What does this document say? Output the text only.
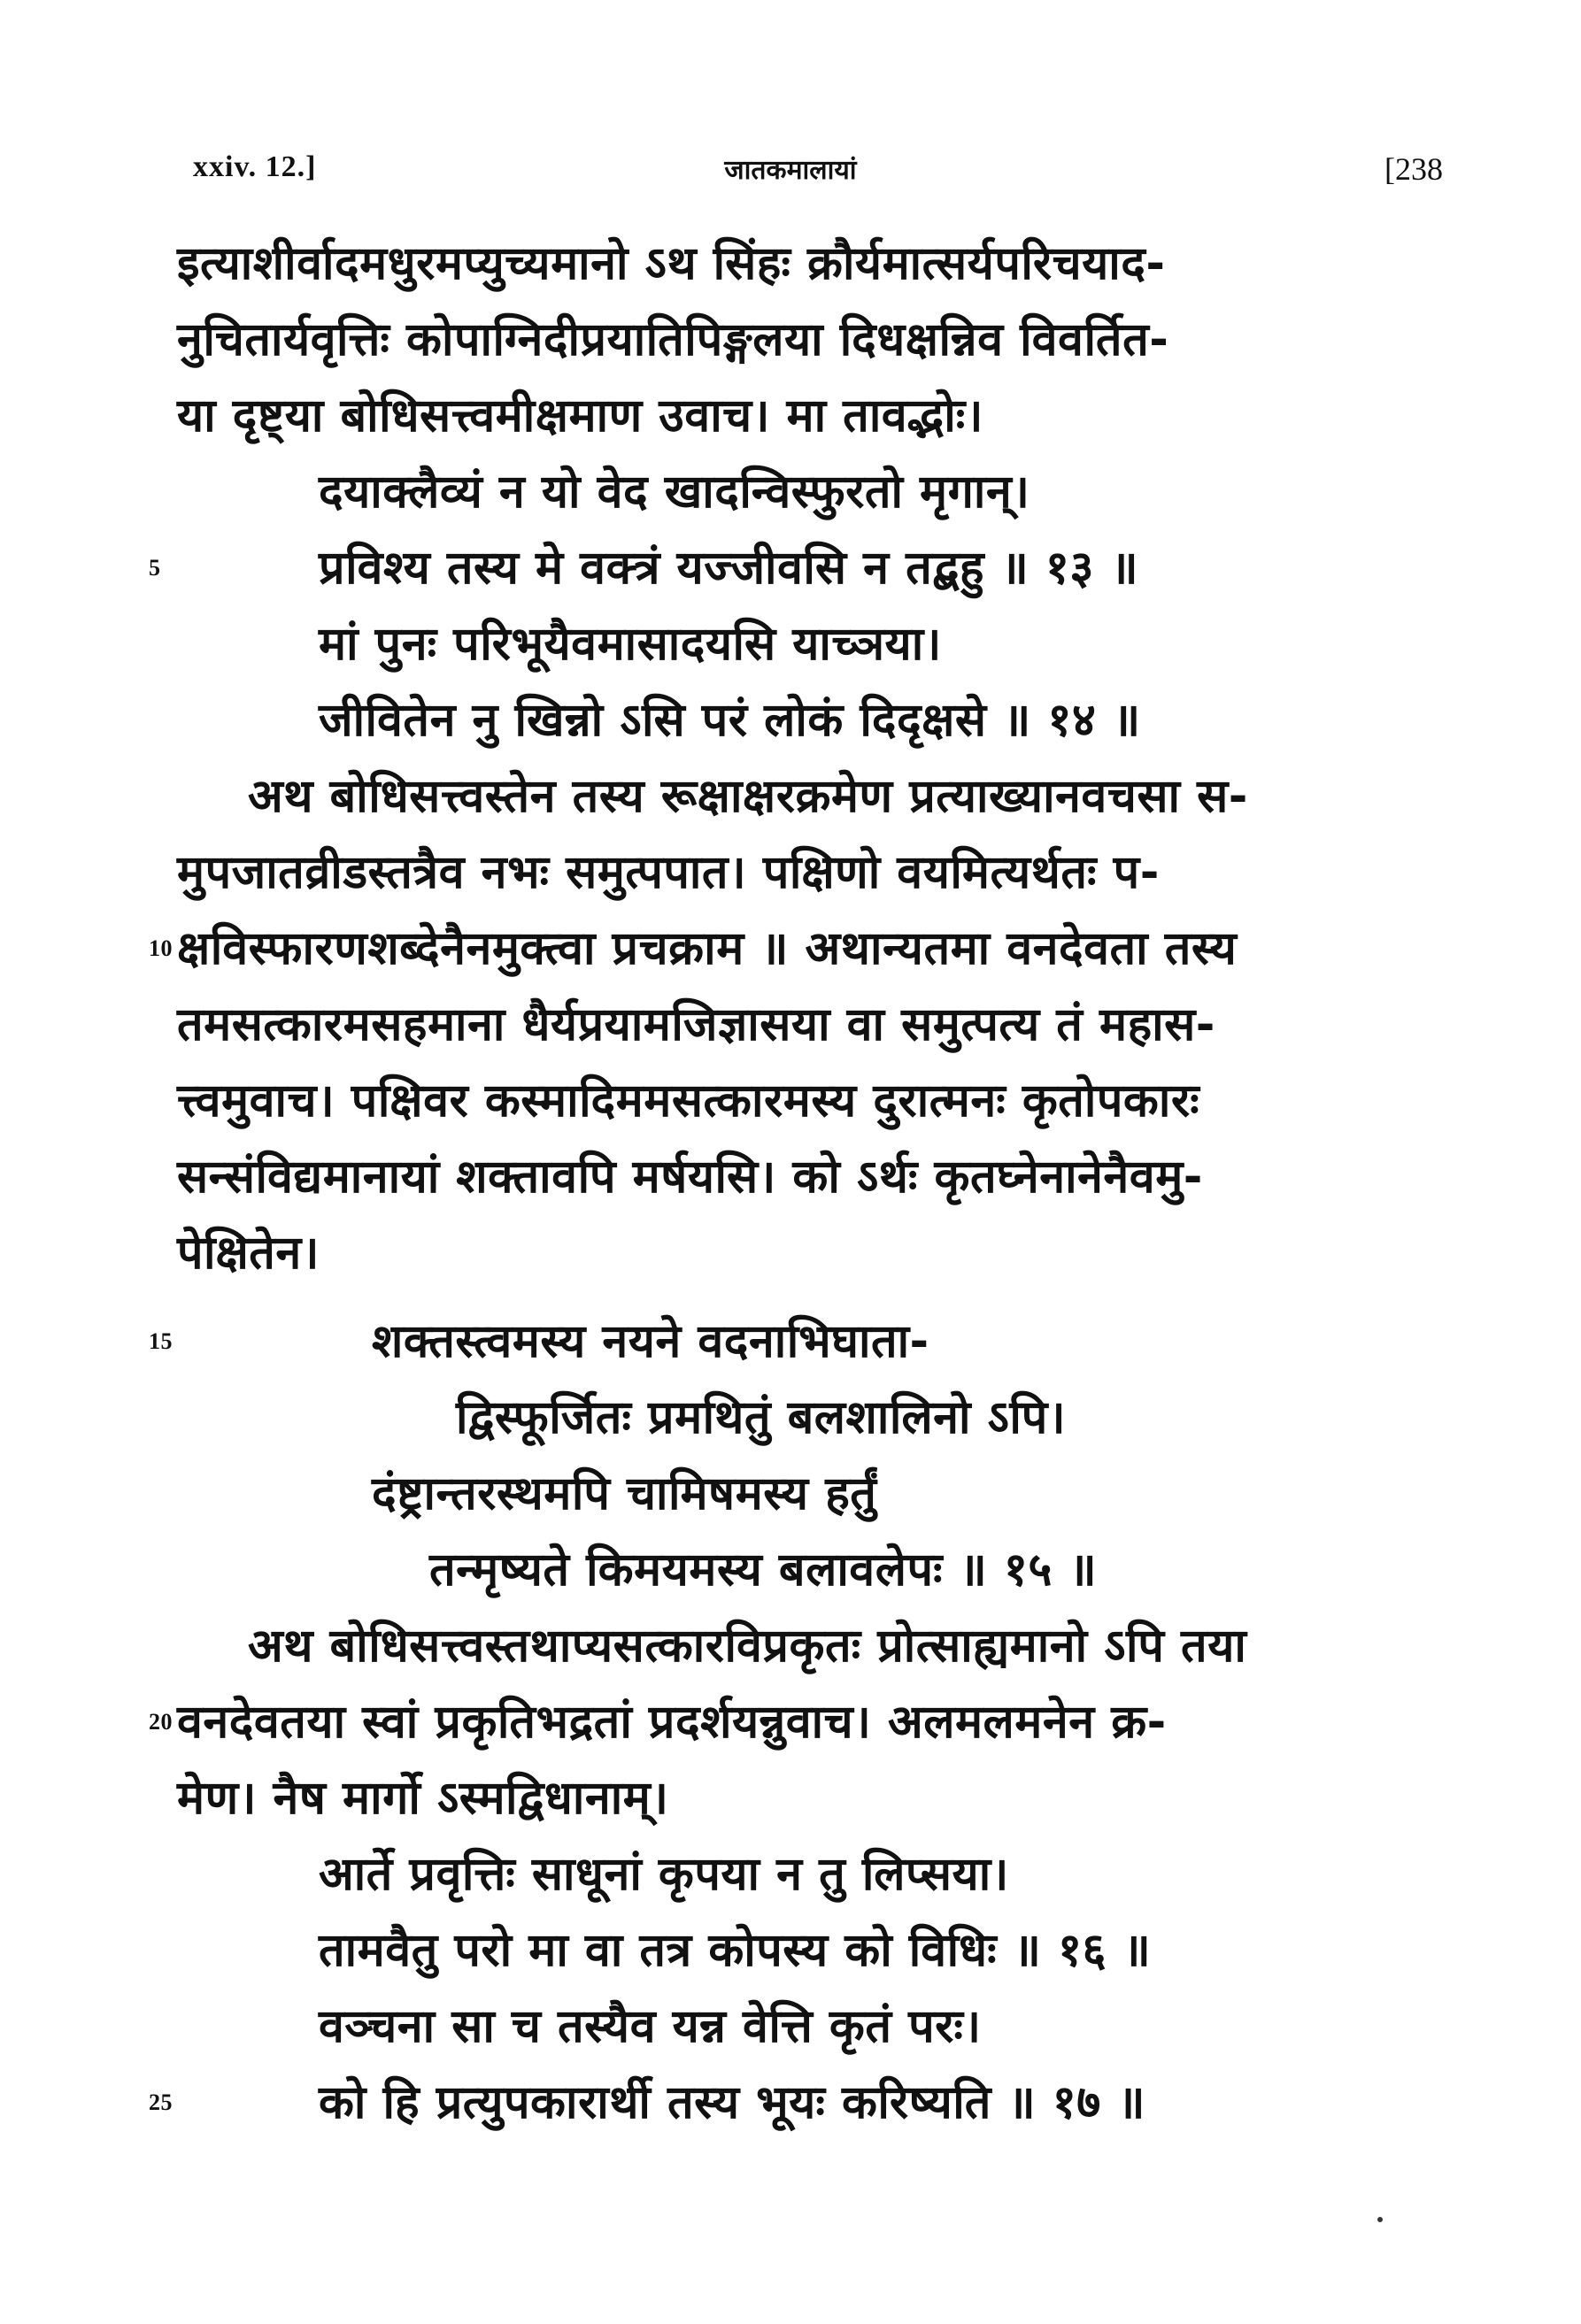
xxiv. 12.]	जातकमालायां	[238
इत्याशीर्वादमधुरमप्युच्यमानो ऽथ सिंहः क्रौर्यमात्सर्यपरिचयाद-
नुचितार्यवृत्तिः कोपाग्निदीप्रयातिपिङ्गलया दिधक्षन्निव विवर्तित-
या दृष्ट्या बोधिसत्त्वमीक्षमाण उवाच। मा तावद्भोः।
दयाक्लैव्यं न यो वेद खादन्विस्फुरतो मृगान्।
5	प्रविश्य तस्य मे वक्त्रं यज्जीवसि न तद्बहु ॥ १३ ॥
मां पुनः परिभूयैवमासादयसि याच्ञया।
जीवितेन नु खिन्नो ऽसि परं लोकं दिदृक्षसे ॥ १४ ॥
अथ बोधिसत्त्वस्तेन तस्य रूक्षाक्षरक्रमेण प्रत्याख्यानवचसा स-
मुपजातव्रीडस्तत्रैव नभः समुत्पपात। पक्षिणो वयमित्यर्थतः प-
10 क्षविस्फारणशब्देनैनमुक्त्वा प्रचक्राम ॥ अथान्यतमा वनदेवता तस्य
तमसत्कारमसहमाना धैर्यप्रयामजिज्ञासया वा समुत्पत्य तं महास-
त्त्वमुवाच। पक्षिवर कस्मादिममसत्कारमस्य दुरात्मनः कृतोपकारः
सन्संविद्यमानायां शक्तावपि मर्षयसि। को ऽर्थः कृतघ्नेनानेनैवमु-
पेक्षितेन।
15	शक्तस्त्वमस्य नयने वदनाभिघाता-
द्विस्फूर्जितः प्रमथितुं बलशालिनो ऽपि।
दंष्ट्रान्तरस्थमपि चामिषमस्य हर्तुं
तन्मृष्यते किमयमस्य बलावलेपः ॥ १५ ॥
अथ बोधिसत्त्वस्तथाप्यसत्कारविप्रकृतः प्रोत्साह्यमानो ऽपि तया
20 वनदेवतया स्वां प्रकृतिभद्रतां प्रदर्शयन्नुवाच। अलमलमनेन क्र-
मेण। नैष मार्गो ऽस्मद्विधानाम्।
आर्ते प्रवृत्तिः साधूनां कृपया न तु लिप्सया।
तामवैतु परो मा वा तत्र कोपस्य को विधिः ॥ १६ ॥
वञ्चना सा च तस्यैव यन्न वेत्ति कृतं परः।
25	को हि प्रत्युपकारार्थी तस्य भूयः करिष्यति ॥ १७ ॥
